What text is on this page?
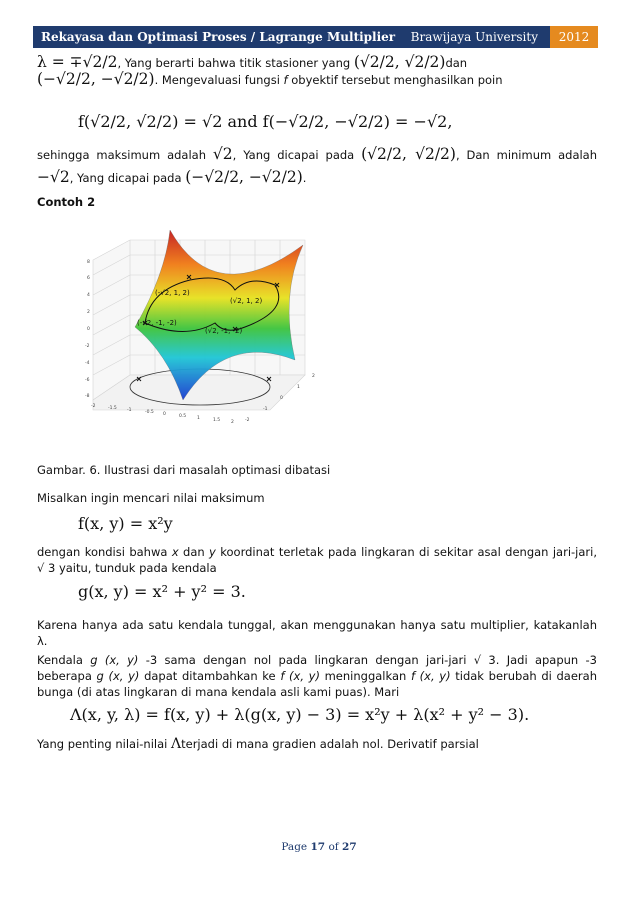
Rekayasa dan Optimasi Proses / Lagrange Multiplier Brawijaya University	2012
λ = ∓√2/2, Yang berarti bahwa titik stasioner yang (√2/2, √2/2)dan
(−√2/2, −√2/2). Mengevaluasi fungsi f obyektif tersebut menghasilkan poin
f(√2/2, √2/2) = √2 and f(−√2/2, −√2/2) = −√2,
sehingga maksimum adalah √2, Yang dicapai pada (√2/2, √2/2), Dan minimum adalah −√2, Yang dicapai pada (−√2/2, −√2/2).
Contoh 2
(-√2, 1, 2)
(√2, 1, 2)
(-√2, -1, -2)
(√2, -1, -2)
8
6
4
2
0
-2
-4
-6
-8
-2	-1.5 -1	-0.5 0	0.5 1	1.5 2 -2
-1
0
1
2
Gambar. 6. Ilustrasi dari masalah optimasi dibatasi
Misalkan ingin mencari nilai maksimum
f(x, y) = x²y
dengan kondisi bahwa x dan y koordinat terletak pada lingkaran di sekitar asal dengan jari-jari, √ 3 yaitu, tunduk pada kendala
g(x, y) = x² + y² = 3.
Karena hanya ada satu kendala tunggal, akan menggunakan hanya satu multiplier, katakanlah λ.
Kendala g (x, y) -3 sama dengan nol pada lingkaran dengan jari-jari √ 3. Jadi apapun -3 beberapa g (x, y) dapat ditambahkan ke f (x, y) meninggalkan f (x, y) tidak berubah di daerah bunga (di atas lingkaran di mana kendala asli kami puas). Mari
Λ(x, y, λ) = f(x, y) + λ(g(x, y) − 3) = x²y + λ(x² + y² − 3).
Yang penting nilai-nilai Λterjadi di mana gradien adalah nol. Derivatif parsial
Page 17 of 27
